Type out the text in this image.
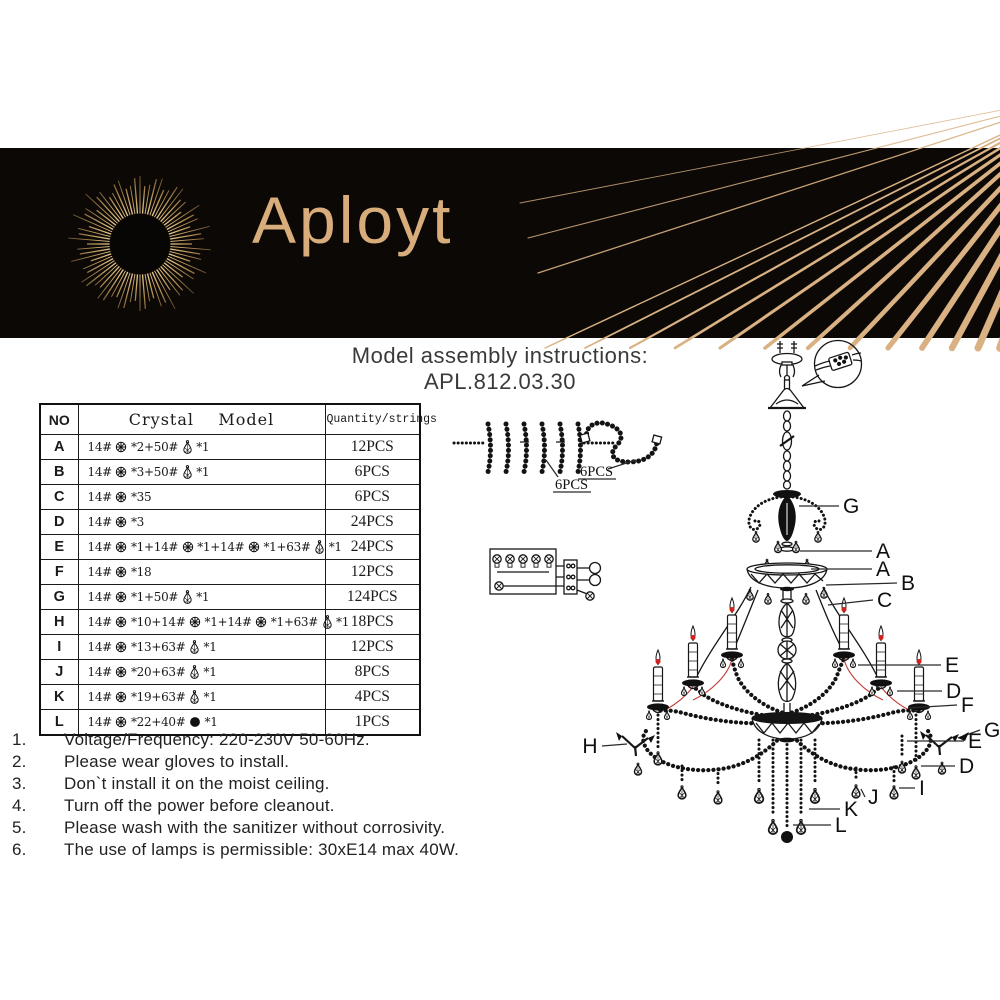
Aployt
Model assembly instructions:
APL.812.03.30
NO	Crystal    Model	Quantity/strings
A	14#  *2+50#  *1	12PCS
B	14#  *3+50#  *1	6PCS
C	14#  *35	6PCS
D	14#  *3	24PCS
E	14#  *1+14#  *1+14#  *1+63#  *1	24PCS
F	14#  *18	12PCS
G	14#  *1+50#  *1	124PCS
H	14#  *10+14#  *1+14#  *1+63#  *1	18PCS
I	14#  *13+63#  *1	12PCS
J	14#  *20+63#  *1	8PCS
K	14#  *19+63#  *1	4PCS
L	14#  *22+40#  *1	1PCS
1.	Voltage/Frequency: 220-230V 50-60Hz.
2.	Please wear gloves to install.
3.	Don`t install it on the moist ceiling.
4.	Turn off the power before cleanout.
5.	Please wash with the sanitizer without corrosivity.
6.	The use of lamps is permissible: 30xE14 max 40W.
6PCS
6PCS
G
A
A
B
C
E
D
F
G
E
D
I
J
K
L
H
